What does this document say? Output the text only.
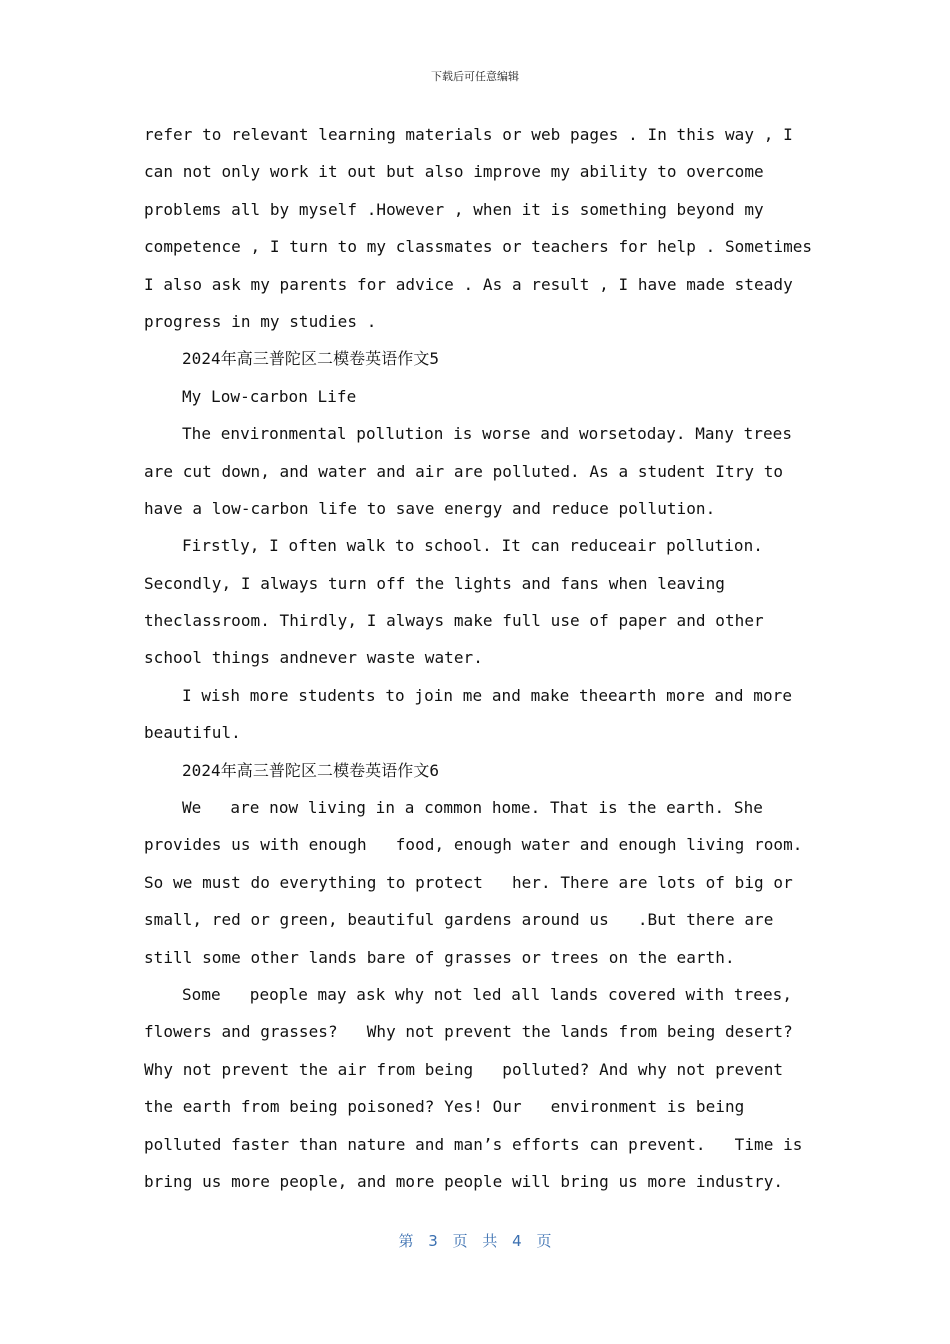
下载后可任意编辑
refer to relevant learning materials or web pages . In this way , I
can not only work it out but also improve my ability to overcome
problems all by myself .However , when it is something beyond my
competence , I turn to my classmates or teachers for help . Sometimes
I also ask my parents for advice . As a result , I have made steady
progress in my studies .
2024年高三普陀区二模卷英语作文5
My Low-carbon Life
The environmental pollution is worse and worsetoday. Many trees
are cut down, and water and air are polluted. As a student Itry to
have a low-carbon life to save energy and reduce pollution.
Firstly, I often walk to school. It can reduceair pollution.
Secondly, I always turn off the lights and fans when leaving
theclassroom. Thirdly, I always make full use of paper and other
school things andnever waste water.
I wish more students to join me and make theearth more and more
beautiful.
2024年高三普陀区二模卷英语作文6
We   are now living in a common home. That is the earth. She
provides us with enough   food, enough water and enough living room.
So we must do everything to protect   her. There are lots of big or
small, red or green, beautiful gardens around us   .But there are
still some other lands bare of grasses or trees on the earth.
Some   people may ask why not led all lands covered with trees,
flowers and grasses?   Why not prevent the lands from being desert?
Why not prevent the air from being   polluted? And why not prevent
the earth from being poisoned? Yes! Our   environment is being
polluted faster than nature and man’s efforts can prevent.   Time is
bring us more people, and more people will bring us more industry.
第 3 页 共 4 页
